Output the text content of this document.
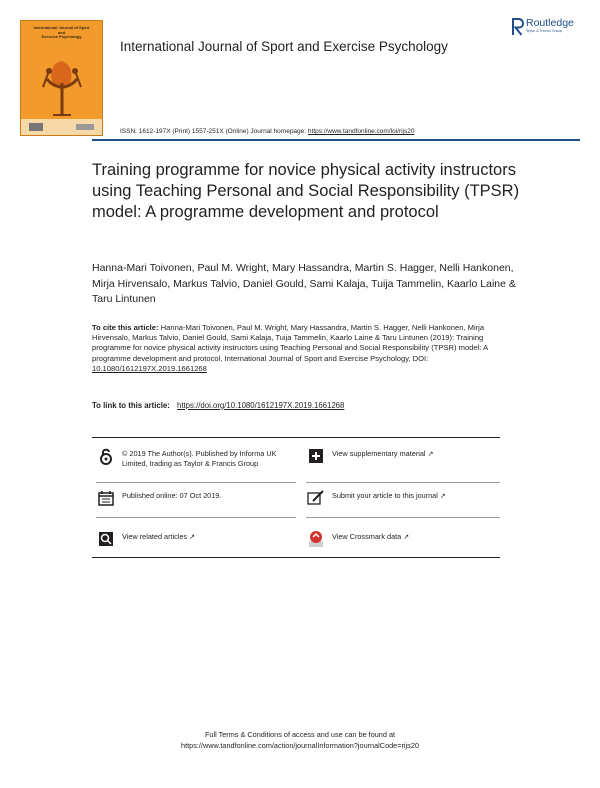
International Journal of Sport
and
Exercise Psychology
· · · · · · · · ·
Routledge
Taylor & Francis Group
International Journal of Sport and Exercise Psychology
ISSN: 1612-197X (Print) 1557-251X (Online) Journal homepage: https://www.tandfonline.com/loi/rijs20
Training programme for novice physical activity instructors using Teaching Personal and Social Responsibility (TPSR) model: A programme development and protocol
Hanna-Mari Toivonen, Paul M. Wright, Mary Hassandra, Martin S. Hagger, Nelli Hankonen, Mirja Hirvensalo, Markus Talvio, Daniel Gould, Sami Kalaja, Tuija Tammelin, Kaarlo Laine & Taru Lintunen
To cite this article: Hanna-Mari Toivonen, Paul M. Wright, Mary Hassandra, Martin S. Hagger, Nelli Hankonen, Mirja Hirvensalo, Markus Talvio, Daniel Gould, Sami Kalaja, Tuija Tammelin, Kaarlo Laine & Taru Lintunen (2019): Training programme for novice physical activity instructors using Teaching Personal and Social Responsibility (TPSR) model: A programme development and protocol, International Journal of Sport and Exercise Psychology, DOI: 10.1080/1612197X.2019.1661268
To link to this article: https://doi.org/10.1080/1612197X.2019.1661268
© 2019 The Author(s). Published by Informa UK Limited, trading as Taylor & Francis Group
View supplementary material ↗
Published online: 07 Oct 2019.	Submit your article to this journal ↗
View related articles ↗	View Crossmark data ↗
Full Terms & Conditions of access and use can be found at
https://www.tandfonline.com/action/journalInformation?journalCode=rijs20
